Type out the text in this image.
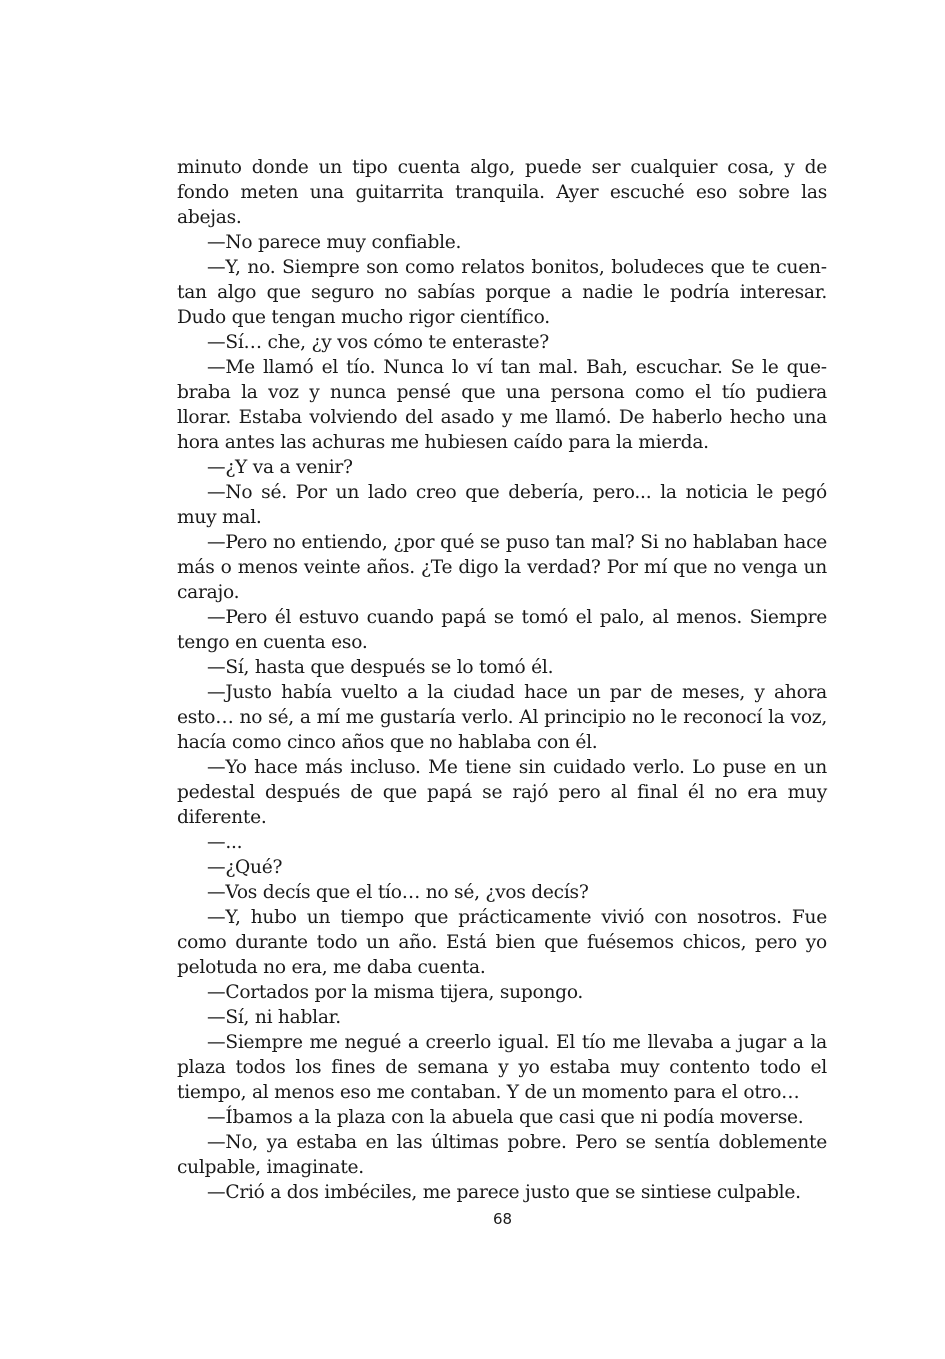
minuto donde un tipo cuenta algo, puede ser cualquier cosa, y de fondo meten una guitarrita tranquila. Ayer escuché eso sobre las abejas.

—No parece muy confiable.

—Y, no. Siempre son como relatos bonitos, boludeces que te cuentan algo que seguro no sabías porque a nadie le podría interesar. Dudo que tengan mucho rigor científico.

—Sí… che, ¿y vos cómo te enteraste?

—Me llamó el tío. Nunca lo ví tan mal. Bah, escuchar. Se le quebraba la voz y nunca pensé que una persona como el tío pudiera llorar. Estaba volviendo del asado y me llamó. De haberlo hecho una hora antes las achuras me hubiesen caído para la mierda.

—¿Y va a venir?

—No sé. Por un lado creo que debería, pero... la noticia le pegó muy mal.

—Pero no entiendo, ¿por qué se puso tan mal? Si no hablaban hace más o menos veinte años. ¿Te digo la verdad? Por mí que no venga un carajo.

—Pero él estuvo cuando papá se tomó el palo, al menos. Siempre tengo en cuenta eso.

—Sí, hasta que después se lo tomó él.

—Justo había vuelto a la ciudad hace un par de meses, y ahora esto… no sé, a mí me gustaría verlo. Al principio no le reconocí la voz, hacía como cinco años que no hablaba con él.

—Yo hace más incluso. Me tiene sin cuidado verlo. Lo puse en un pedestal después de que papá se rajó pero al final él no era muy diferente.

—...

—¿Qué?

—Vos decís que el tío… no sé, ¿vos decís?

—Y, hubo un tiempo que prácticamente vivió con nosotros. Fue como durante todo un año. Está bien que fuésemos chicos, pero yo pelotuda no era, me daba cuenta.

—Cortados por la misma tijera, supongo.

—Sí, ni hablar.

—Siempre me negué a creerlo igual. El tío me llevaba a jugar a la plaza todos los fines de semana y yo estaba muy contento todo el tiempo, al menos eso me contaban. Y de un momento para el otro…

—Íbamos a la plaza con la abuela que casi que ni podía moverse.

—No, ya estaba en las últimas pobre. Pero se sentía doblemente culpable, imaginate.

—Crió a dos imbéciles, me parece justo que se sintiese culpable.

68
